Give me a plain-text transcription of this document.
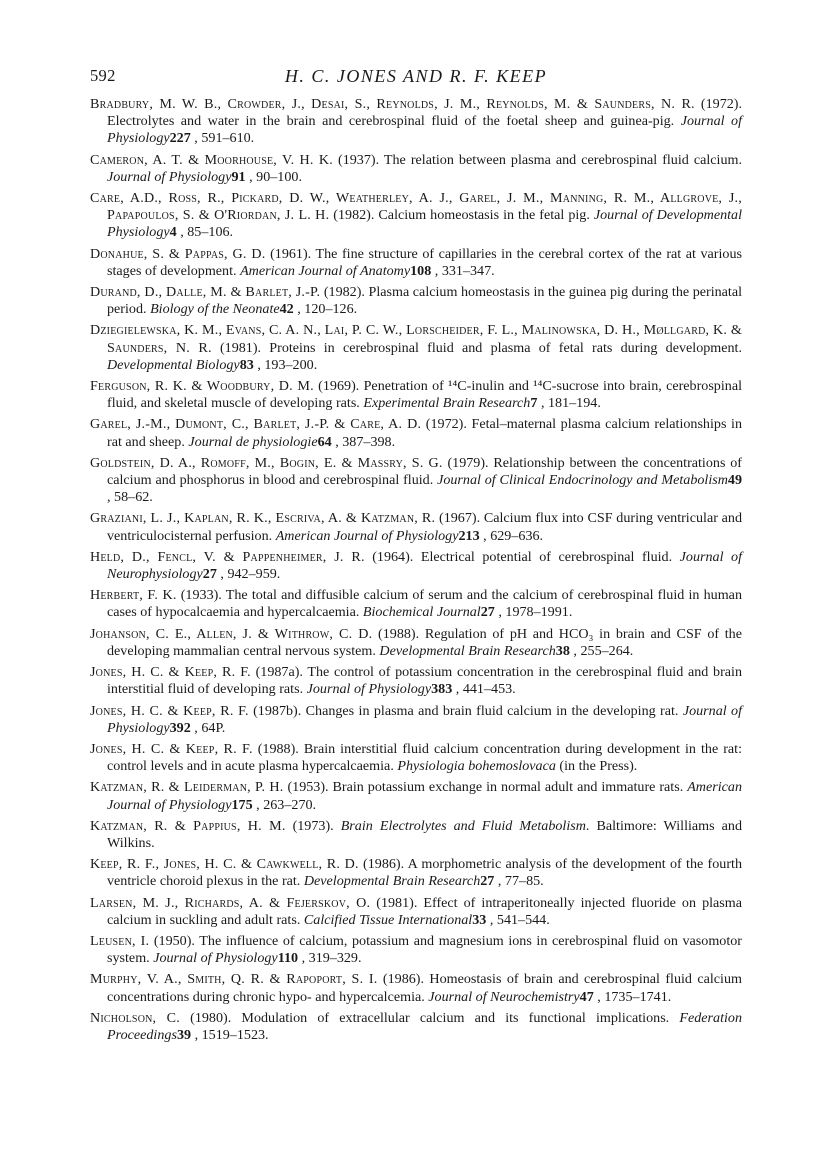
592	H. C. JONES AND R. F. KEEP
Bradbury, M. W. B., Crowder, J., Desai, S., Reynolds, J. M., Reynolds, M. & Saunders, N. R. (1972). Electrolytes and water in the brain and cerebrospinal fluid of the foetal sheep and guinea-pig. Journal of Physiology227 , 591–610.
Cameron, A. T. & Moorhouse, V. H. K. (1937). The relation between plasma and cerebrospinal fluid calcium. Journal of Physiology91 , 90–100.
Care, A.D., Ross, R., Pickard, D. W., Weatherley, A. J., Garel, J. M., Manning, R. M., Allgrove, J., Papapoulos, S. & O'Riordan, J. L. H. (1982). Calcium homeostasis in the fetal pig. Journal of Developmental Physiology4 , 85–106.
Donahue, S. & Pappas, G. D. (1961). The fine structure of capillaries in the cerebral cortex of the rat at various stages of development. American Journal of Anatomy108 , 331–347.
Durand, D., Dalle, M. & Barlet, J.-P. (1982). Plasma calcium homeostasis in the guinea pig during the perinatal period. Biology of the Neonate42 , 120–126.
Dziegielewska, K. M., Evans, C. A. N., Lai, P. C. W., Lorscheider, F. L., Malinowska, D. H., Møllgard, K. & Saunders, N. R. (1981). Proteins in cerebrospinal fluid and plasma of fetal rats during development. Developmental Biology83 , 193–200.
Ferguson, R. K. & Woodbury, D. M. (1969). Penetration of ¹⁴C-inulin and ¹⁴C-sucrose into brain, cerebrospinal fluid, and skeletal muscle of developing rats. Experimental Brain Research7 , 181–194.
Garel, J.-M., Dumont, C., Barlet, J.-P. & Care, A. D. (1972). Fetal–maternal plasma calcium relationships in rat and sheep. Journal de physiologie64 , 387–398.
Goldstein, D. A., Romoff, M., Bogin, E. & Massry, S. G. (1979). Relationship between the concentrations of calcium and phosphorus in blood and cerebrospinal fluid. Journal of Clinical Endocrinology and Metabolism49 , 58–62.
Graziani, L. J., Kaplan, R. K., Escriva, A. & Katzman, R. (1967). Calcium flux into CSF during ventricular and ventriculocisternal perfusion. American Journal of Physiology213 , 629–636.
Held, D., Fencl, V. & Pappenheimer, J. R. (1964). Electrical potential of cerebrospinal fluid. Journal of Neurophysiology27 , 942–959.
Herbert, F. K. (1933). The total and diffusible calcium of serum and the calcium of cerebrospinal fluid in human cases of hypocalcaemia and hypercalcaemia. Biochemical Journal27 , 1978–1991.
Johanson, C. E., Allen, J. & Withrow, C. D. (1988). Regulation of pH and HCO₃ in brain and CSF of the developing mammalian central nervous system. Developmental Brain Research38 , 255–264.
Jones, H. C. & Keep, R. F. (1987a). The control of potassium concentration in the cerebrospinal fluid and brain interstitial fluid of developing rats. Journal of Physiology383 , 441–453.
Jones, H. C. & Keep, R. F. (1987b). Changes in plasma and brain fluid calcium in the developing rat. Journal of Physiology392 , 64P.
Jones, H. C. & Keep, R. F. (1988). Brain interstitial fluid calcium concentration during development in the rat: control levels and in acute plasma hypercalcaemia. Physiologia bohemoslovaca (in the Press).
Katzman, R. & Leiderman, P. H. (1953). Brain potassium exchange in normal adult and immature rats. American Journal of Physiology175 , 263–270.
Katzman, R. & Pappius, H. M. (1973). Brain Electrolytes and Fluid Metabolism. Baltimore: Williams and Wilkins.
Keep, R. F., Jones, H. C. & Cawkwell, R. D. (1986). A morphometric analysis of the development of the fourth ventricle choroid plexus in the rat. Developmental Brain Research27 , 77–85.
Larsen, M. J., Richards, A. & Fejerskov, O. (1981). Effect of intraperitoneally injected fluoride on plasma calcium in suckling and adult rats. Calcified Tissue International33 , 541–544.
Leusen, I. (1950). The influence of calcium, potassium and magnesium ions in cerebrospinal fluid on vasomotor system. Journal of Physiology110 , 319–329.
Murphy, V. A., Smith, Q. R. & Rapoport, S. I. (1986). Homeostasis of brain and cerebrospinal fluid calcium concentrations during chronic hypo- and hypercalcemia. Journal of Neurochemistry47 , 1735–1741.
Nicholson, C. (1980). Modulation of extracellular calcium and its functional implications. Federation Proceedings39 , 1519–1523.
